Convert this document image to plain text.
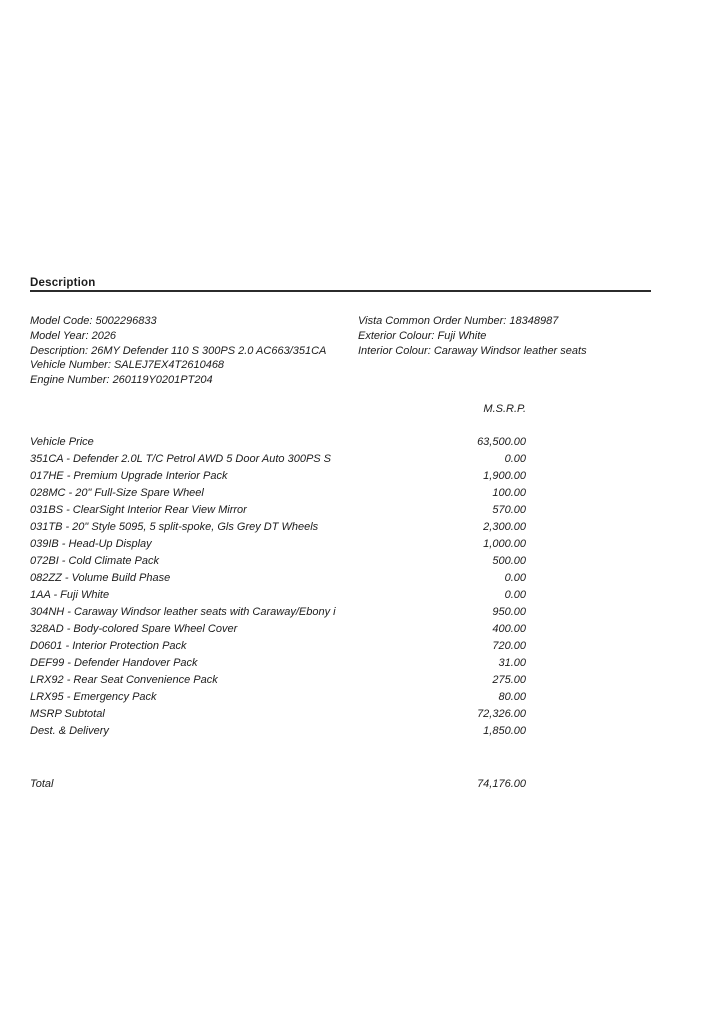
Description
Model Code: 5002296833
Model Year: 2026
Description: 26MY Defender 110 S 300PS 2.0 AC663/351CA
Vehicle Number: SALEJ7EX4T2610468
Engine Number: 260119Y0201PT204
Vista Common Order Number: 18348987
Exterior Colour: Fuji White
Interior Colour: Caraway Windsor leather seats
M.S.R.P.
Vehicle Price	63,500.00
351CA - Defender 2.0L T/C Petrol AWD 5 Door Auto 300PS S	0.00
017HE - Premium Upgrade Interior Pack	1,900.00
028MC - 20" Full-Size Spare Wheel	100.00
031BS - ClearSight Interior Rear View Mirror	570.00
031TB - 20" Style 5095, 5 split-spoke, Gls Grey DT Wheels	2,300.00
039IB - Head-Up Display	1,000.00
072BI - Cold Climate Pack	500.00
082ZZ - Volume Build Phase	0.00
1AA - Fuji White	0.00
304NH - Caraway Windsor leather seats with Caraway/Ebony i	950.00
328AD - Body-colored Spare Wheel Cover	400.00
D0601 - Interior Protection Pack	720.00
DEF99 - Defender Handover Pack	31.00
LRX92 - Rear Seat Convenience Pack	275.00
LRX95 - Emergency Pack	80.00
MSRP Subtotal	72,326.00
Dest. & Delivery	1,850.00
Total	74,176.00
